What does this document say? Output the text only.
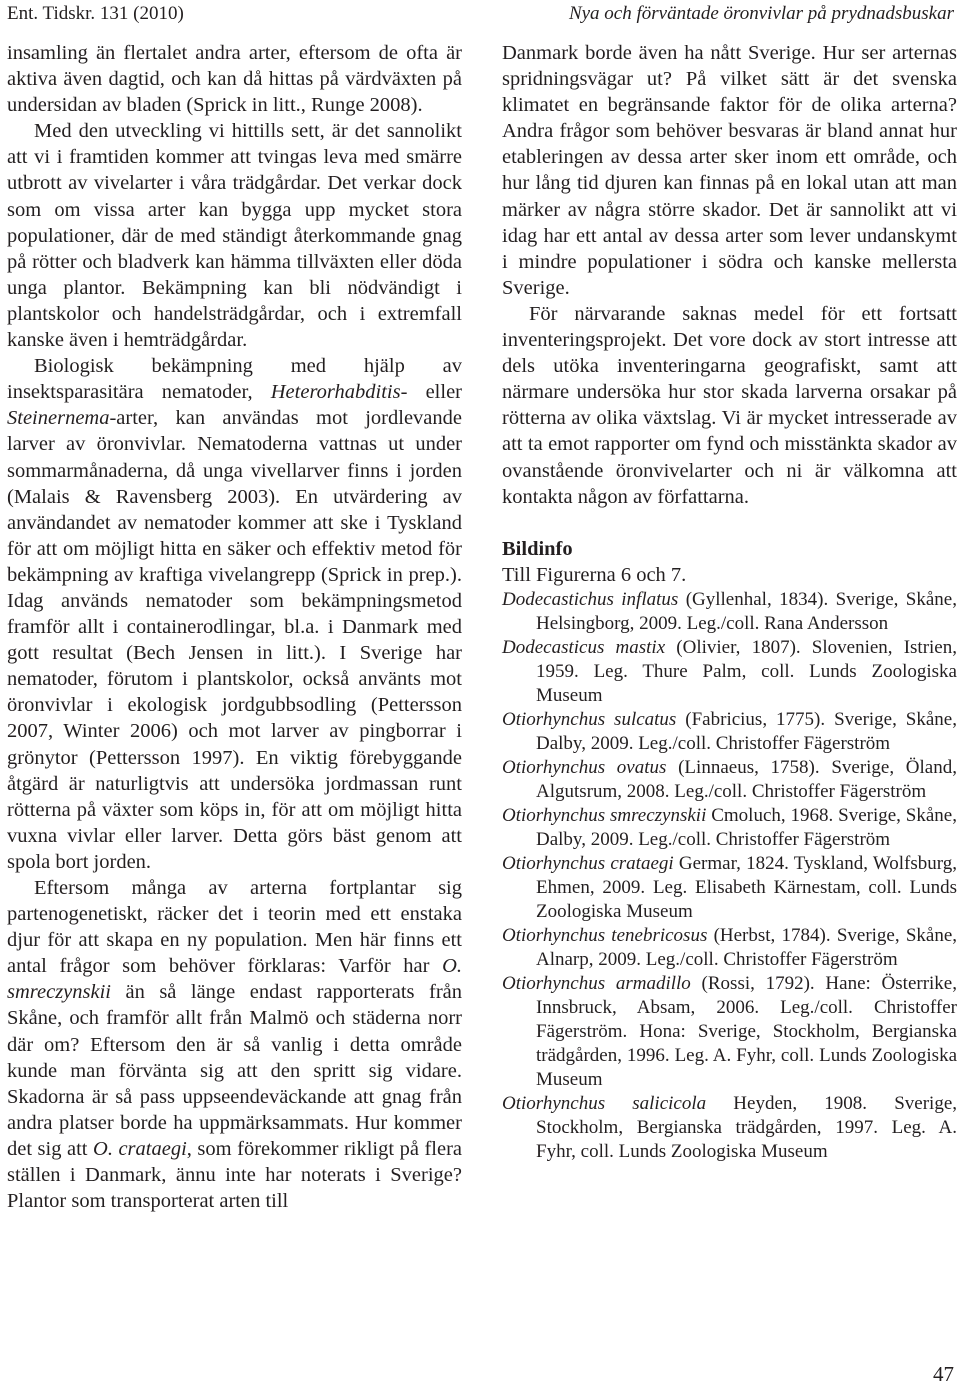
Ent. Tidskr. 131 (2010)	Nya och förväntade öronvivlar på prydnadsbuskar

insamling än flertalet andra arter, eftersom de ofta är aktiva även dagtid, och kan då hittas på värdväxten på undersidan av bladen (Sprick in litt., Runge 2008).

Med den utveckling vi hittills sett, är det sannolikt att vi i framtiden kommer att tvingas leva med smärre utbrott av vivelarter i våra trädgårdar. Det verkar dock som om vissa arter kan bygga upp mycket stora populationer, där de med ständigt återkommande gnag på rötter och bladverk kan hämma tillväxten eller döda unga plantor. Bekämpning kan bli nödvändigt i plantskolor och handelsträdgårdar, och i extremfall kanske även i hemträdgårdar.

Biologisk bekämpning med hjälp av insektsparasitära nematoder, Heterorhabditis- eller Steinernema-arter, kan användas mot jordlevande larver av öronvivlar. Nematoderna vattnas ut under sommarmånaderna, då unga vivellarver finns i jorden (Malais & Ravensberg 2003). En utvärdering av användandet av nematoder kommer att ske i Tyskland för att om möjligt hitta en säker och effektiv metod för bekämpning av kraftiga vivelangrepp (Sprick in prep.). Idag används nematoder som bekämpningsmetod framför allt i containerodlingar, bl.a. i Danmark med gott resultat (Bech Jensen in litt.). I Sverige har nematoder, förutom i plantskolor, också använts mot öronvivlar i ekologisk jordgubbsodling (Pettersson 2007, Winter 2006) och mot larver av pingborrar i grönytor (Pettersson 1997). En viktig förebyggande åtgärd är naturligtvis att undersöka jordmassan runt rötterna på växter som köps in, för att om möjligt hitta vuxna vivlar eller larver. Detta görs bäst genom att spola bort jorden.

Eftersom många av arterna fortplantar sig partenogenetiskt, räcker det i teorin med ett enstaka djur för att skapa en ny population. Men här finns ett antal frågor som behöver förklaras: Varför har O. smreczynskii än så länge endast rapporterats från Skåne, och framför allt från Malmö och städerna norr där om? Eftersom den är så vanlig i detta område kunde man förvänta sig att den spritt sig vidare. Skadorna är så pass uppseendeväckande att gnag från andra platser borde ha uppmärksammats. Hur kommer det sig att O. crataegi, som förekommer rikligt på flera ställen i Danmark, ännu inte har noterats i Sverige? Plantor som transporterat arten till

Danmark borde även ha nått Sverige. Hur ser arternas spridningsvägar ut? På vilket sätt är det svenska klimatet en begränsande faktor för de olika arterna? Andra frågor som behöver besvaras är bland annat hur etableringen av dessa arter sker inom ett område, och hur lång tid djuren kan finnas på en lokal utan att man märker av några större skador. Det är sannolikt att vi idag har ett antal av dessa arter som lever undanskymt i mindre populationer i södra och kanske mellersta Sverige.

För närvarande saknas medel för ett fortsatt inventeringsprojekt. Det vore dock av stort intresse att dels utöka inventeringarna geografiskt, samt att närmare undersöka hur stor skada larverna orsakar på rötterna av olika växtslag. Vi är mycket intresserade av att ta emot rapporter om fynd och misstänkta skador av ovanstående öronvivelarter och ni är välkomna att kontakta någon av författarna.

Bildinfo

Till Figurerna 6 och 7.

Dodecastichus inflatus (Gyllenhal, 1834). Sverige, Skåne, Helsingborg, 2009. Leg./coll. Rana Andersson

Dodecasticus mastix (Olivier, 1807). Slovenien, Istrien, 1959. Leg. Thure Palm, coll. Lunds Zoologiska Museum

Otiorhynchus sulcatus (Fabricius, 1775). Sverige, Skåne, Dalby, 2009. Leg./coll. Christoffer Fägerström

Otiorhynchus ovatus (Linnaeus, 1758). Sverige, Öland, Algutsrum, 2008. Leg./coll. Christoffer Fägerström

Otiorhynchus smreczynskii Cmoluch, 1968. Sverige, Skåne, Dalby, 2009. Leg./coll. Christoffer Fägerström

Otiorhynchus crataegi Germar, 1824. Tyskland, Wolfsburg, Ehmen, 2009. Leg. Elisabeth Kärnestam, coll. Lunds Zoologiska Museum

Otiorhynchus tenebricosus (Herbst, 1784). Sverige, Skåne, Alnarp, 2009. Leg./coll. Christoffer Fägerström

Otiorhynchus armadillo (Rossi, 1792). Hane: Österrike, Innsbruck, Absam, 2006. Leg./coll. Christoffer Fägerström. Hona: Sverige, Stockholm, Bergianska trädgården, 1996. Leg. A. Fyhr, coll. Lunds Zoologiska Museum

Otiorhynchus salicicola Heyden, 1908. Sverige, Stockholm, Bergianska trädgården, 1997. Leg. A. Fyhr, coll. Lunds Zoologiska Museum

47
